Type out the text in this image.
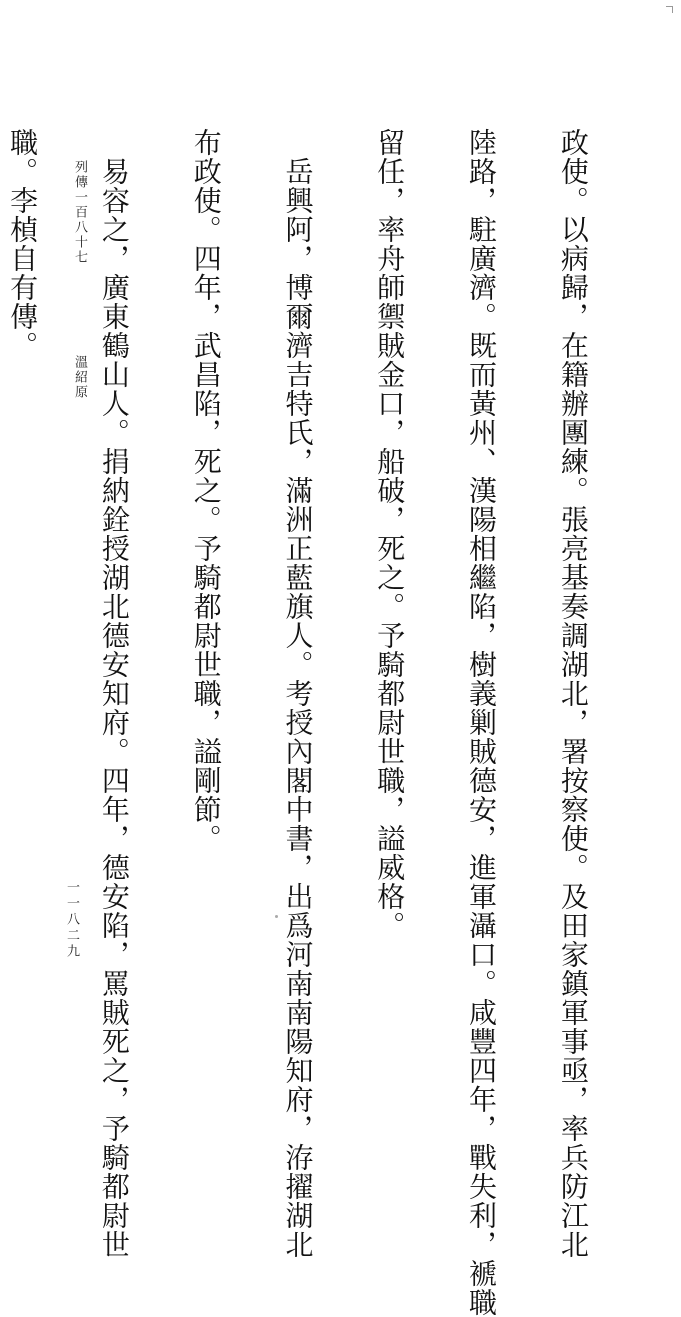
政使。以病歸，在籍辦團練。張亮基奏調湖北，署按察使。及田家鎮軍事亟，率兵防江北

陸路，駐廣濟。既而黃州、漢陽相繼陷，樹義剿賊德安，進軍灄口。咸豐四年，戰失利，褫職

留任，率舟師禦賊金口，船破，死之。予騎都尉世職，謚威格。

岳興阿，博爾濟吉特氏，滿洲正藍旗人。考授內閣中書，出爲河南南陽知府，洊擢湖北

布政使。四年，武昌陷，死之。予騎都尉世職，謚剛節。

易容之，廣東鶴山人。捐納銓授湖北德安知府。四年，德安陷，罵賊死之，予騎都尉世

職。李楨自有傳。

	列傳一百八十七
溫紹原
一一八二九
